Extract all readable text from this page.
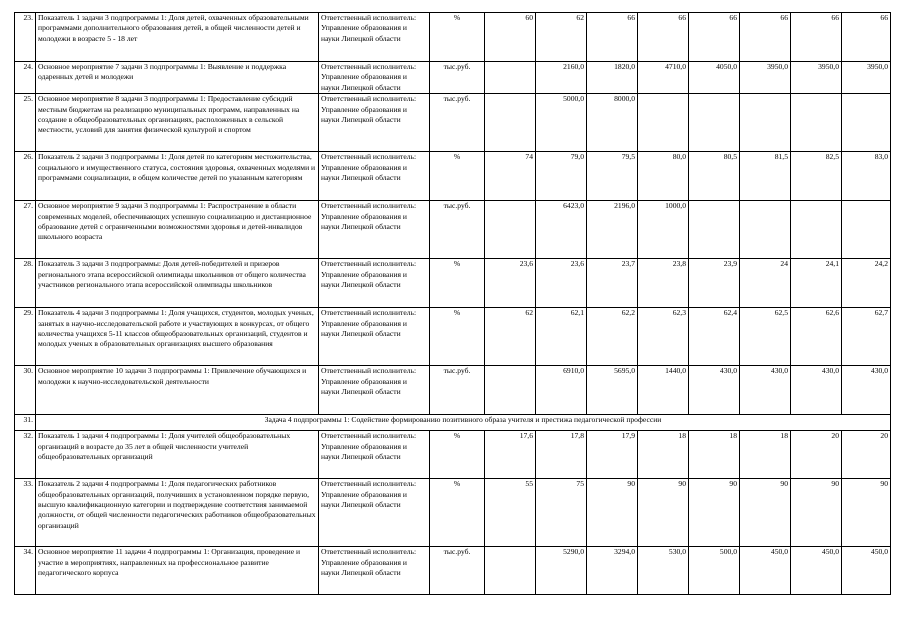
23.	Показатель 1 задачи 3 подпрограммы 1: Доля детей, охваченных образовательными программами дополнительного образования детей, в общей численности детей и молодежи в возрасте 5 - 18 лет	Ответственный исполнитель: Управление образования и науки Липецкой области	%	60	62	66	66	66	66	66	66
24.	Основное мероприятие 7 задачи 3 подпрограммы 1: Выявление и поддержка одаренных детей и молодежи	Ответственный исполнитель: Управление образования и науки Липецкой области	тыс.руб.		2160,0	1820,0	4710,0	4050,0	3950,0	3950,0	3950,0
25.	Основное мероприятие 8 задачи 3 подпрограммы 1: Предоставление субсидий местным бюджетам на реализацию муниципальных программ, направленных на создание в общеобразовательных организациях, расположенных в сельской местности, условий для занятия физической культурой и спортом	Ответственный исполнитель: Управление образования и науки Липецкой области	тыс.руб.		5000,0	8000,0					
26.	Показатель 2 задачи 3 подпрограммы 1: Доля детей по категориям местожительства, социального и имущественного статуса, состояния здоровья, охваченных моделями и программами социализации, в общем количестве детей по указанным категориям	Ответственный исполнитель: Управление образования и науки Липецкой области	%	74	79,0	79,5	80,0	80,5	81,5	82,5	83,0
27.	Основное мероприятие 9 задачи 3 подпрограммы 1: Распространение в области современных моделей, обеспечивающих успешную социализацию и дистанционное образование детей с ограниченными возможностями здоровья и детей-инвалидов школьного возраста	Ответственный исполнитель: Управление образования и науки Липецкой области	тыс.руб.		6423,0	2196,0	1000,0				
28.	Показатель 3 задачи 3 подпрограммы: Доля детей-победителей и призеров регионального этапа всероссийской олимпиады школьников от общего количества участников регионального этапа всероссийской олимпиады школьников	Ответственный исполнитель: Управление образования и науки Липецкой области	%	23,6	23,6	23,7	23,8	23,9	24	24,1	24,2
29.	Показатель 4 задачи 3 подпрограммы 1: Доля учащихся, студентов, молодых ученых, занятых в научно-исследовательской работе и участвующих в конкурсах, от общего количества учащихся 5-11 классов общеобразовательных организаций, студентов и молодых ученых в образовательных организациях высшего образования	Ответственный исполнитель: Управление образования и науки Липецкой области	%	62	62,1	62,2	62,3	62,4	62,5	62,6	62,7
30.	Основное мероприятие 10 задачи 3 подпрограммы 1: Привлечение обучающихся и молодежи к научно-исследовательской деятельности	Ответственный исполнитель: Управление образования и науки Липецкой области	тыс.руб.		6910,0	5695,0	1440,0	430,0	430,0	430,0	430,0
31.	Задача 4 подпрограммы 1: Содействие формированию позитивного образа учителя и престижа педагогической профессии										
32.	Показатель 1 задачи 4 подпрограммы 1: Доля учителей общеобразовательных организаций в возрасте до 35 лет в общей численности учителей общеобразовательных организаций	Ответственный исполнитель: Управление образования и науки Липецкой области	%	17,6	17,8	17,9	18	18	18	20	20
33.	Показатель 2 задачи 4 подпрограммы 1: Доля педагогических работников общеобразовательных организаций, получивших в установленном порядке первую, высшую квалификационную категории и подтверждение соответствия занимаемой должности, от общей численности педагогических работников общеобразовательных организаций	Ответственный исполнитель: Управление образования и науки Липецкой области	%	55	75	90	90	90	90	90	90
34.	Основное мероприятие 11 задачи 4 подпрограммы 1: Организация, проведение и участие в мероприятиях, направленных на профессиональное развитие педагогического корпуса	Ответственный исполнитель: Управление образования и науки Липецкой области	тыс.руб.		5290,0	3294,0	530,0	500,0	450,0	450,0	450,0
